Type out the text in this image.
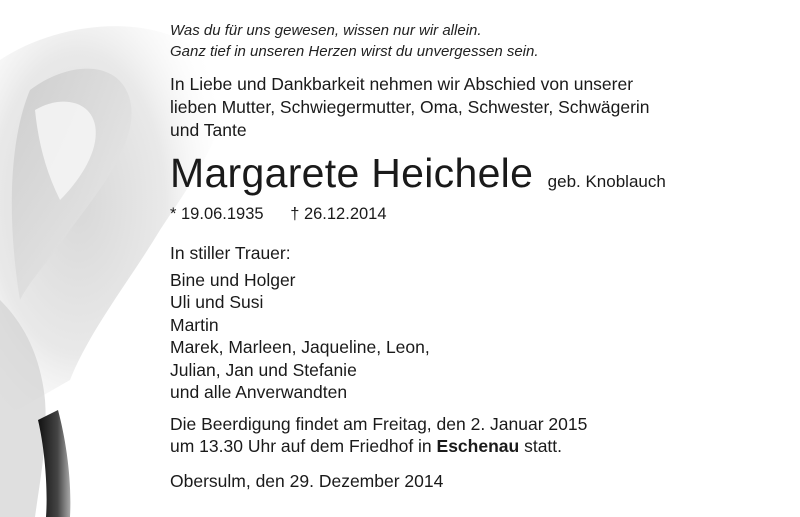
Was du für uns gewesen, wissen nur wir allein.
Ganz tief in unseren Herzen wirst du unvergessen sein.
In Liebe und Dankbarkeit nehmen wir Abschied von unserer
lieben Mutter, Schwiegermutter, Oma, Schwester, Schwägerin
und Tante
Margarete Heichele geb. Knoblauch
* 19.06.1935 † 26.12.2014
In stiller Trauer:
Bine und Holger
Uli und Susi
Martin
Marek, Marleen, Jaqueline, Leon,
Julian, Jan und Stefanie
und alle Anverwandten
Die Beerdigung findet am Freitag, den 2. Januar 2015
um 13.30 Uhr auf dem Friedhof in Eschenau statt.
Obersulm, den 29. Dezember 2014
